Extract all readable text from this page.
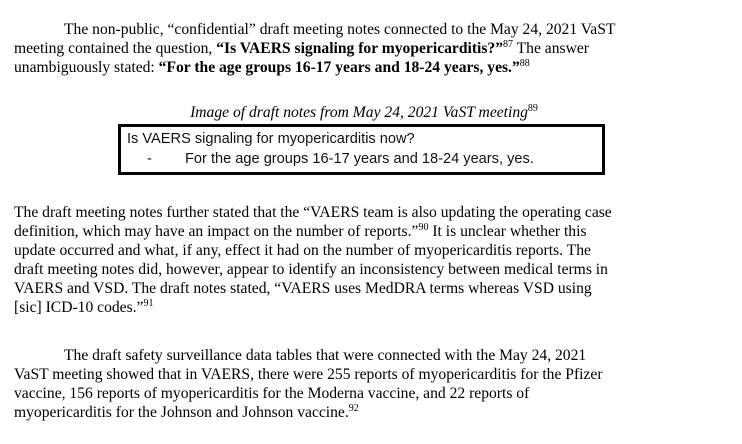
The non-public, “confidential” draft meeting notes connected to the May 24, 2021 VaST
meeting contained the question, “Is VAERS signaling for myopericarditis?”$^{87}$ The answer
unambiguously stated: “For the age groups 16-17 years and 18-24 years, yes.”$^{88}$
Image of draft notes from May 24, 2021 VaST meeting$^{89}$
Is VAERS signaling for myopericarditis now?
- For the age groups 16-17 years and 18-24 years, yes.
The draft meeting notes further stated that the “VAERS team is also updating the operating case
definition, which may have an impact on the number of reports.”$^{90}$ It is unclear whether this
update occurred and what, if any, effect it had on the number of myopericarditis reports. The
draft meeting notes did, however, appear to identify an inconsistency between medical terms in
VAERS and VSD. The draft notes stated, “VAERS uses MedDRA terms whereas VSD using
[sic] ICD-10 codes.”$^{91}$
The draft safety surveillance data tables that were connected with the May 24, 2021
VaST meeting showed that in VAERS, there were 255 reports of myopericarditis for the Pfizer
vaccine, 156 reports of myopericarditis for the Moderna vaccine, and 22 reports of
myopericarditis for the Johnson and Johnson vaccine.$^{92}$
